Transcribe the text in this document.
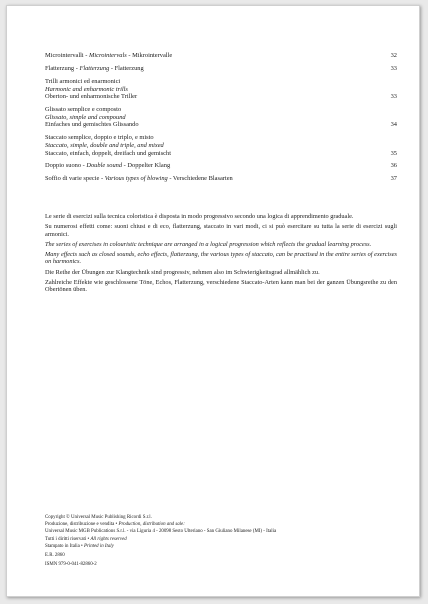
Microintervalli - Microintervals - Mikrointervalle	32
Flatterzung - Flatterzung - Flatterzung	33
Trilli armonici ed enarmonici
Harmonic and enharmonic trills
Oberton- und enharmonische Triller	33
Glissato semplice e composto
Glissato, simple and compound
Einfaches und gemischtes Glissando	34
Staccato semplice, doppio e triplo, e misto
Staccato, simple, double and triple, and mixed
Staccato, einfach, doppelt, dreifach und gemischt	35
Doppio suono - Double sound - Doppelter Klang	36
Soffio di varie specie - Various types of blowing - Verschiedene Blasarten	37

Le serie di esercizi sulla tecnica coloristica è disposta in modo progressivo secondo una logica di apprendimento graduale.

Su numerosi effetti come: suoni chiusi e di eco, flatterzung, staccato in vari modi, ci si può esercitare su tutta la serie di esercizi sugli armonici.

The series of exercises in colouristic technique are arranged in a logical progression which reflects the gradual learning process.

Many effects such as closed sounds, echo effects, flatterzung, the various types of staccato, can be practised in the entire series of exercises on harmonics.

Die Reihe der Übungen zur Klangtechnik sind progressiv, nehmen also im Schwierigkeitsgrad allmählich zu.

Zahlreiche Effekte wie geschlossene Töne, Echos, Flatterzung, verschiedene Staccato-Arten kann man bei der ganzen Übungsreihe zu den Obertönen üben.

Copyright © Universal Music Publishing Ricordi S.r.l.
Produzione, distribuzione e vendita • Production, distribution and sale:
Universal Music MGB Publications S.r.l. - via Liguria 4 - 20098 Sesto Ulteriano - San Giuliano Milanese (MI) - Italia
Tutti i diritti riservati • All rights reserved
Stampato in Italia • Printed in Italy
E.R. 2860
ISMN 979-0-041-82860-2
